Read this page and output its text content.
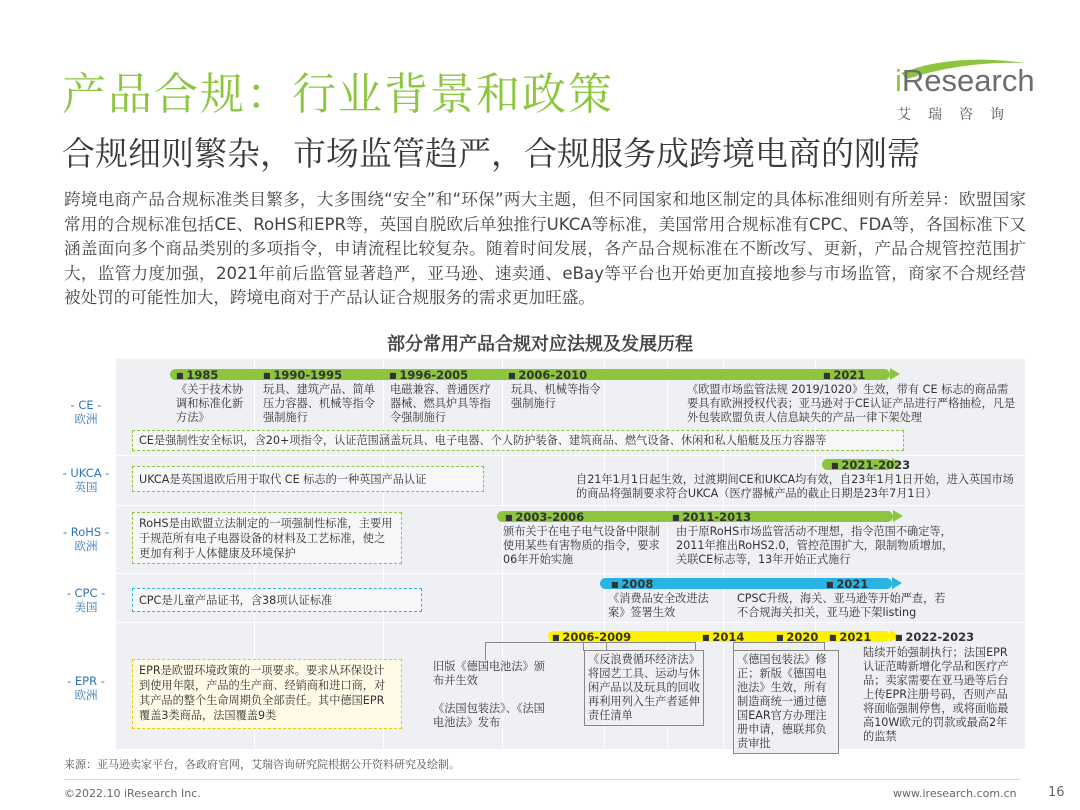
产品合规：行业背景和政策
合规细则繁杂，市场监管趋严，合规服务成跨境电商的刚需
iResearch
艾瑞咨询
跨境电商产品合规标准类目繁多，大多围绕“安全”和“环保”两大主题，但不同国家和地区制定的具体标准细则有所差异：欧盟国家常用的合规标准包括CE、RoHS和EPR等，英国自脱欧后单独推行UKCA等标准，美国常用合规标准有CPC、FDA等，各国标准下又涵盖面向多个商品类别的多项指令，申请流程比较复杂。随着时间发展，各产品合规标准在不断改写、更新，产品合规管控范围扩大，监管力度加强，2021年前后监管显著趋严，亚马逊、速卖通、eBay等平台也开始更加直接地参与市场监管，商家不合规经营被处罚的可能性加大，跨境电商对于产品认证合规服务的需求更加旺盛。
部分常用产品合规对应法规及发展历程
- CE -
欧洲
- UKCA -
英国
- RoHS -
欧洲
- CPC -
美国
- EPR -
欧洲
■ 1985	■ 1990-1995	■ 1996-2005	■ 2006-2010	■ 2021
《关于技术协调和标准化新方法》
玩具、建筑产品、简单压力容器、机械等指令强制施行
电磁兼容、普通医疗器械、燃具炉具等指令强制施行
玩具、机械等指令强制施行
《欧盟市场监管法规 2019/1020》生效，带有 CE 标志的商品需要具有欧洲授权代表；亚马逊对于CE认证产品进行严格抽检，凡是外包装欧盟负责人信息缺失的产品一律下架处理
CE是强制性安全标识，含20+项指令，认证范围涵盖玩具、电子电器、个人防护装备、建筑商品、燃气设备、休闲和私人船艇及压力容器等
UKCA是英国退欧后用于取代 CE 标志的一种英国产品认证
■ 2021-2023
自21年1月1日起生效，过渡期间CE和UKCA均有效，自23年1月1日开始，进入英国市场的商品将强制要求符合UKCA（医疗器械产品的截止日期是23年7月1日）
RoHS是由欧盟立法制定的一项强制性标准，主要用于规范所有电子电器设备的材料及工艺标准，使之更加有利于人体健康及环境保护
■ 2003-2006	■ 2011-2013
颁布关于在电子电气设备中限制使用某些有害物质的指令，要求06年开始实施
由于原RoHS市场监管活动不理想，指令范围不确定等，2011年推出RoHS2.0，管控范围扩大，限制物质增加，关联CE标志等，13年开始正式施行
CPC是儿童产品证书，含38项认证标准
■ 2008	■ 2021
《消费品安全改进法案》签署生效
CPSC升级，海关、亚马逊等开始严查，若不合规海关扣关，亚马逊下架listing
EPR是欧盟环境政策的一项要求。要求从环保设计到使用年限，产品的生产商、经销商和进口商，对其产品的整个生命周期负全部责任。其中德国EPR覆盖3类商品，法国覆盖9类
■ 2006-2009	■ 2014	■ 2020	■ 2021	■ 2022-2023
旧版《德国电池法》颁布并生效
《法国包装法》、《法国电池法》发布
《反浪费循环经济法》将园艺工具、运动与休闲产品以及玩具的回收再利用列入生产者延伸责任清单
《德国包装法》修正；新版《德国电池法》生效，所有制造商统一通过德国EAR官方办理注册申请，德联邦负责审批
陆续开始强制执行；法国EPR认证范畴新增化学品和医疗产品；卖家需要在亚马逊等后台上传EPR注册号码，否则产品将面临强制停售，或将面临最高10W欧元的罚款或最高2年的监禁
来源：亚马逊卖家平台，各政府官网，艾瑞咨询研究院根据公开资料研究及绘制。
©2022.10 iResearch Inc.	www.iresearch.com.cn 16
